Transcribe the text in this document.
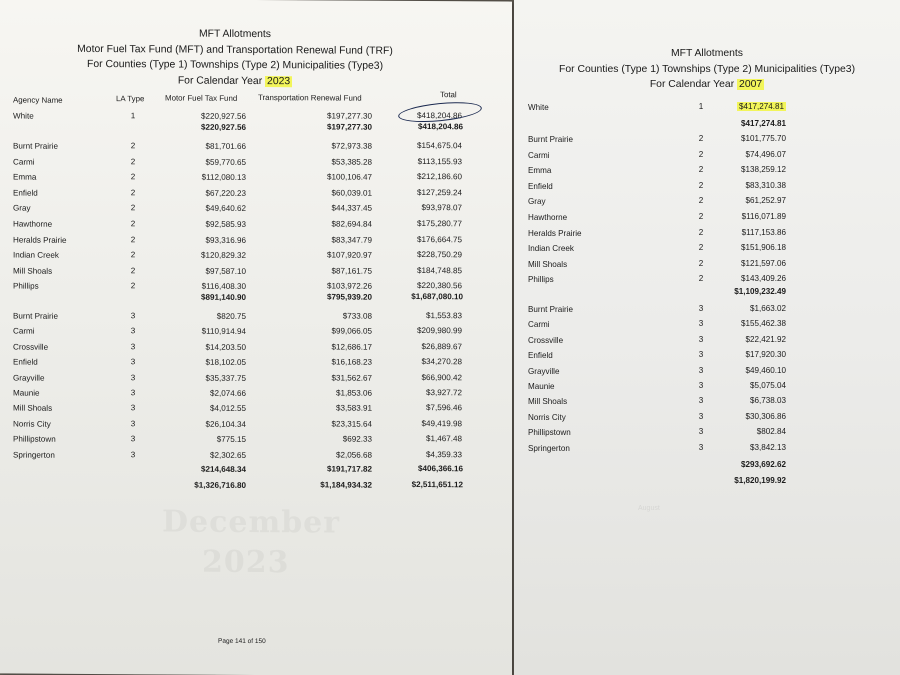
December
2023
MFT Allotments
Motor Fuel Tax Fund (MFT) and Transportation Renewal Fund (TRF)
For Counties (Type 1) Townships (Type 2) Municipalities (Type3)
For Calendar Year 2023
Agency Name	LA Type	Motor Fuel Tax Fund	Transportation Renewal Fund	Total
White	1	$220,927.56	$197,277.30	$418,204.86
$220,927.56	$197,277.30	$418,204.86
Burnt Prairie	2	$81,701.66	$72,973.38	$154,675.04
Carmi	2	$59,770.65	$53,385.28	$113,155.93
Emma	2	$112,080.13	$100,106.47	$212,186.60
Enfield	2	$67,220.23	$60,039.01	$127,259.24
Gray	2	$49,640.62	$44,337.45	$93,978.07
Hawthorne	2	$92,585.93	$82,694.84	$175,280.77
Heralds Prairie	2	$93,316.96	$83,347.79	$176,664.75
Indian Creek	2	$120,829.32	$107,920.97	$228,750.29
Mill Shoals	2	$97,587.10	$87,161.75	$184,748.85
Phillips	2	$116,408.30	$103,972.26	$220,380.56
$891,140.90	$795,939.20	$1,687,080.10
Burnt Prairie	3	$820.75	$733.08	$1,553.83
Carmi	3	$110,914.94	$99,066.05	$209,980.99
Crossville	3	$14,203.50	$12,686.17	$26,889.67
Enfield	3	$18,102.05	$16,168.23	$34,270.28
Grayville	3	$35,337.75	$31,562.67	$66,900.42
Maunie	3	$2,074.66	$1,853.06	$3,927.72
Mill Shoals	3	$4,012.55	$3,583.91	$7,596.46
Norris City	3	$26,104.34	$23,315.64	$49,419.98
Phillipstown	3	$775.15	$692.33	$1,467.48
Springerton	3	$2,302.65	$2,056.68	$4,359.33
$214,648.34	$191,717.82	$406,366.16
$1,326,716.80	$1,184,934.32	$2,511,651.12
Page 141 of 150
August
MFT Allotments
For Counties (Type 1) Townships (Type 2) Municipalities (Type3)
For Calendar Year 2007
White	1	$417,274.81
$417,274.81
Burnt Prairie	2	$101,775.70
Carmi	2	$74,496.07
Emma	2	$138,259.12
Enfield	2	$83,310.38
Gray	2	$61,252.97
Hawthorne	2	$116,071.89
Heralds Prairie	2	$117,153.86
Indian Creek	2	$151,906.18
Mill Shoals	2	$121,597.06
Phillips	2	$143,409.26
$1,109,232.49
Burnt Prairie	3	$1,663.02
Carmi	3	$155,462.38
Crossville	3	$22,421.92
Enfield	3	$17,920.30
Grayville	3	$49,460.10
Maunie	3	$5,075.04
Mill Shoals	3	$6,738.03
Norris City	3	$30,306.86
Phillipstown	3	$802.84
Springerton	3	$3,842.13
$293,692.62
$1,820,199.92
